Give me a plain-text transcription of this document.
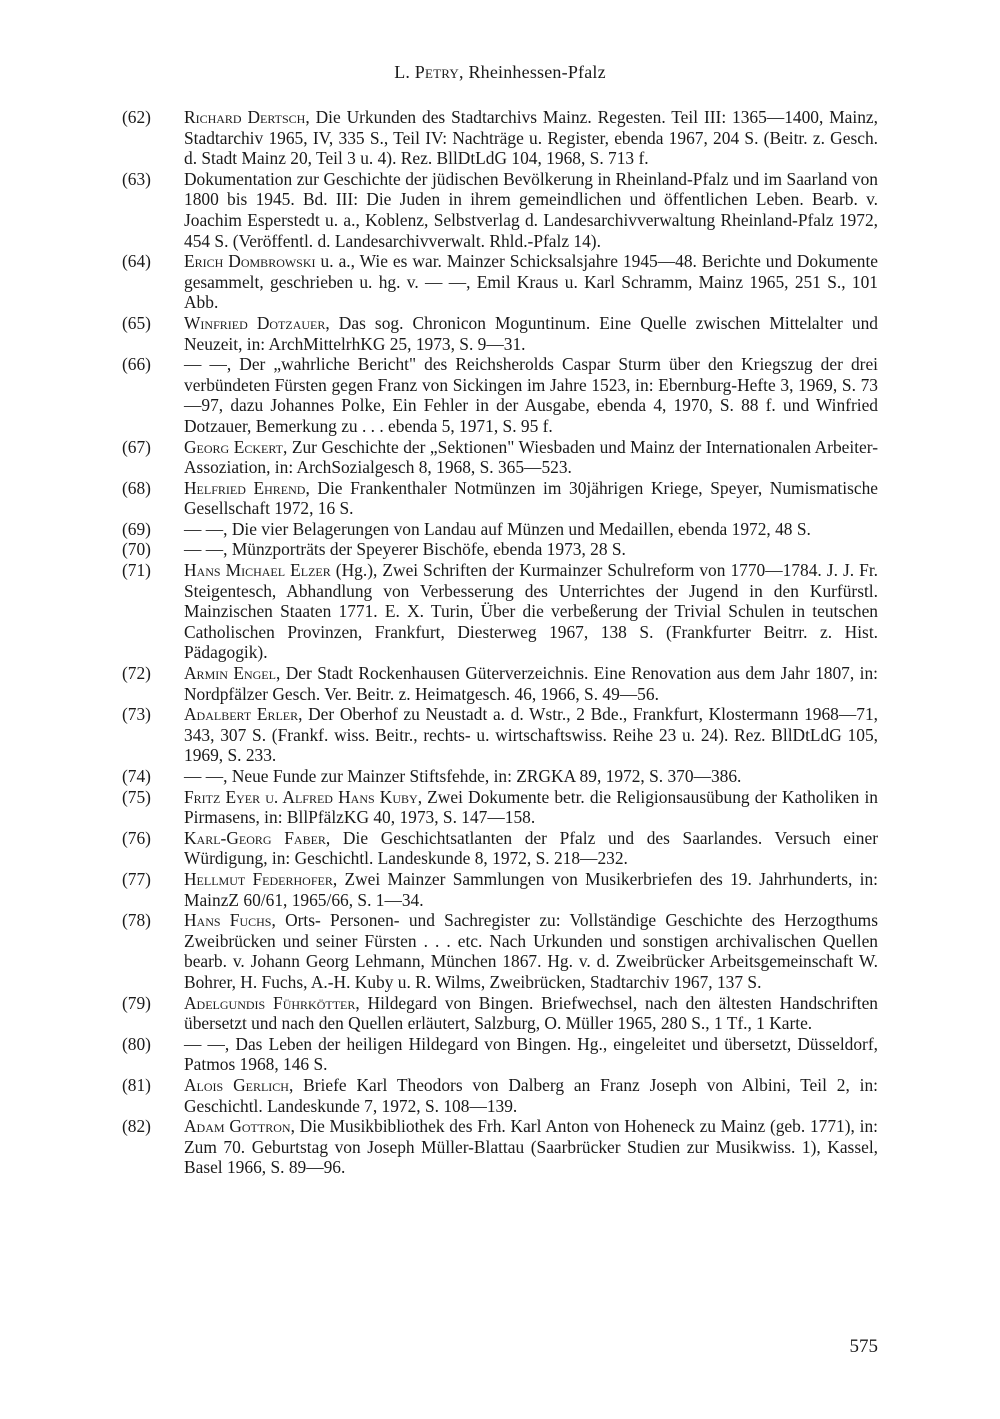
L. Petry, Rheinhessen-Pfalz
(62)	Richard Dertsch, Die Urkunden des Stadtarchivs Mainz. Regesten. Teil III: 1365—1400, Mainz, Stadtarchiv 1965, IV, 335 S., Teil IV: Nachträge u. Register, ebenda 1967, 204 S. (Beitr. z. Gesch. d. Stadt Mainz 20, Teil 3 u. 4). Rez. BllDtLdG 104, 1968, S. 713 f.
(63)	Dokumentation zur Geschichte der jüdischen Bevölkerung in Rheinland-Pfalz und im Saarland von 1800 bis 1945. Bd. III: Die Juden in ihrem gemeindlichen und öffentlichen Leben. Bearb. v. Joachim Esperstedt u. a., Koblenz, Selbstverlag d. Landesarchivverwaltung Rheinland-Pfalz 1972, 454 S. (Veröffentl. d. Landesarchivverwalt. Rhld.-Pfalz 14).
(64)	Erich Dombrowski u. a., Wie es war. Mainzer Schicksalsjahre 1945—48. Berichte und Dokumente gesammelt, geschrieben u. hg. v. — —, Emil Kraus u. Karl Schramm, Mainz 1965, 251 S., 101 Abb.
(65)	Winfried Dotzauer, Das sog. Chronicon Moguntinum. Eine Quelle zwischen Mittelalter und Neuzeit, in: ArchMittelrhKG 25, 1973, S. 9—31.
(66)	— —, Der „wahrliche Bericht" des Reichsherolds Caspar Sturm über den Kriegszug der drei verbündeten Fürsten gegen Franz von Sickingen im Jahre 1523, in: Ebernburg-Hefte 3, 1969, S. 73—97, dazu Johannes Polke, Ein Fehler in der Ausgabe, ebenda 4, 1970, S. 88 f. und Winfried Dotzauer, Bemerkung zu . . . ebenda 5, 1971, S. 95 f.
(67)	Georg Eckert, Zur Geschichte der „Sektionen" Wiesbaden und Mainz der Internationalen Arbeiter-Assoziation, in: ArchSozialgesch 8, 1968, S. 365—523.
(68)	Helfried Ehrend, Die Frankenthaler Notmünzen im 30jährigen Kriege, Speyer, Numismatische Gesellschaft 1972, 16 S.
(69)	— —, Die vier Belagerungen von Landau auf Münzen und Medaillen, ebenda 1972, 48 S.
(70)	— —, Münzporträts der Speyerer Bischöfe, ebenda 1973, 28 S.
(71)	Hans Michael Elzer (Hg.), Zwei Schriften der Kurmainzer Schulreform von 1770—1784. J. J. Fr. Steigentesch, Abhandlung von Verbesserung des Unterrichtes der Jugend in den Kurfürstl. Mainzischen Staaten 1771. E. X. Turin, Über die verbeßerung der Trivial Schulen in teutschen Catholischen Provinzen, Frankfurt, Diesterweg 1967, 138 S. (Frankfurter Beitrr. z. Hist. Pädagogik).
(72)	Armin Engel, Der Stadt Rockenhausen Güterverzeichnis. Eine Renovation aus dem Jahr 1807, in: Nordpfälzer Gesch. Ver. Beitr. z. Heimatgesch. 46, 1966, S. 49—56.
(73)	Adalbert Erler, Der Oberhof zu Neustadt a. d. Wstr., 2 Bde., Frankfurt, Klostermann 1968—71, 343, 307 S. (Frankf. wiss. Beitr., rechts- u. wirtschaftswiss. Reihe 23 u. 24). Rez. BllDtLdG 105, 1969, S. 233.
(74)	— —, Neue Funde zur Mainzer Stiftsfehde, in: ZRGKA 89, 1972, S. 370—386.
(75)	Fritz Eyer u. Alfred Hans Kuby, Zwei Dokumente betr. die Religionsausübung der Katholiken in Pirmasens, in: BllPfälzKG 40, 1973, S. 147—158.
(76)	Karl-Georg Faber, Die Geschichtsatlanten der Pfalz und des Saarlandes. Versuch einer Würdigung, in: Geschichtl. Landeskunde 8, 1972, S. 218—232.
(77)	Hellmut Federhofer, Zwei Mainzer Sammlungen von Musikerbriefen des 19. Jahrhunderts, in: MainzZ 60/61, 1965/66, S. 1—34.
(78)	Hans Fuchs, Orts- Personen- und Sachregister zu: Vollständige Geschichte des Herzogthums Zweibrücken und seiner Fürsten . . . etc. Nach Urkunden und sonstigen archivalischen Quellen bearb. v. Johann Georg Lehmann, München 1867. Hg. v. d. Zweibrücker Arbeitsgemeinschaft W. Bohrer, H. Fuchs, A.-H. Kuby u. R. Wilms, Zweibrücken, Stadtarchiv 1967, 137 S.
(79)	Adelgundis Führkötter, Hildegard von Bingen. Briefwechsel, nach den ältesten Handschriften übersetzt und nach den Quellen erläutert, Salzburg, O. Müller 1965, 280 S., 1 Tf., 1 Karte.
(80)	— —, Das Leben der heiligen Hildegard von Bingen. Hg., eingeleitet und übersetzt, Düsseldorf, Patmos 1968, 146 S.
(81)	Alois Gerlich, Briefe Karl Theodors von Dalberg an Franz Joseph von Albini, Teil 2, in: Geschichtl. Landeskunde 7, 1972, S. 108—139.
(82)	Adam Gottron, Die Musikbibliothek des Frh. Karl Anton von Hoheneck zu Mainz (geb. 1771), in: Zum 70. Geburtstag von Joseph Müller-Blattau (Saarbrücker Studien zur Musikwiss. 1), Kassel, Basel 1966, S. 89—96.
575
